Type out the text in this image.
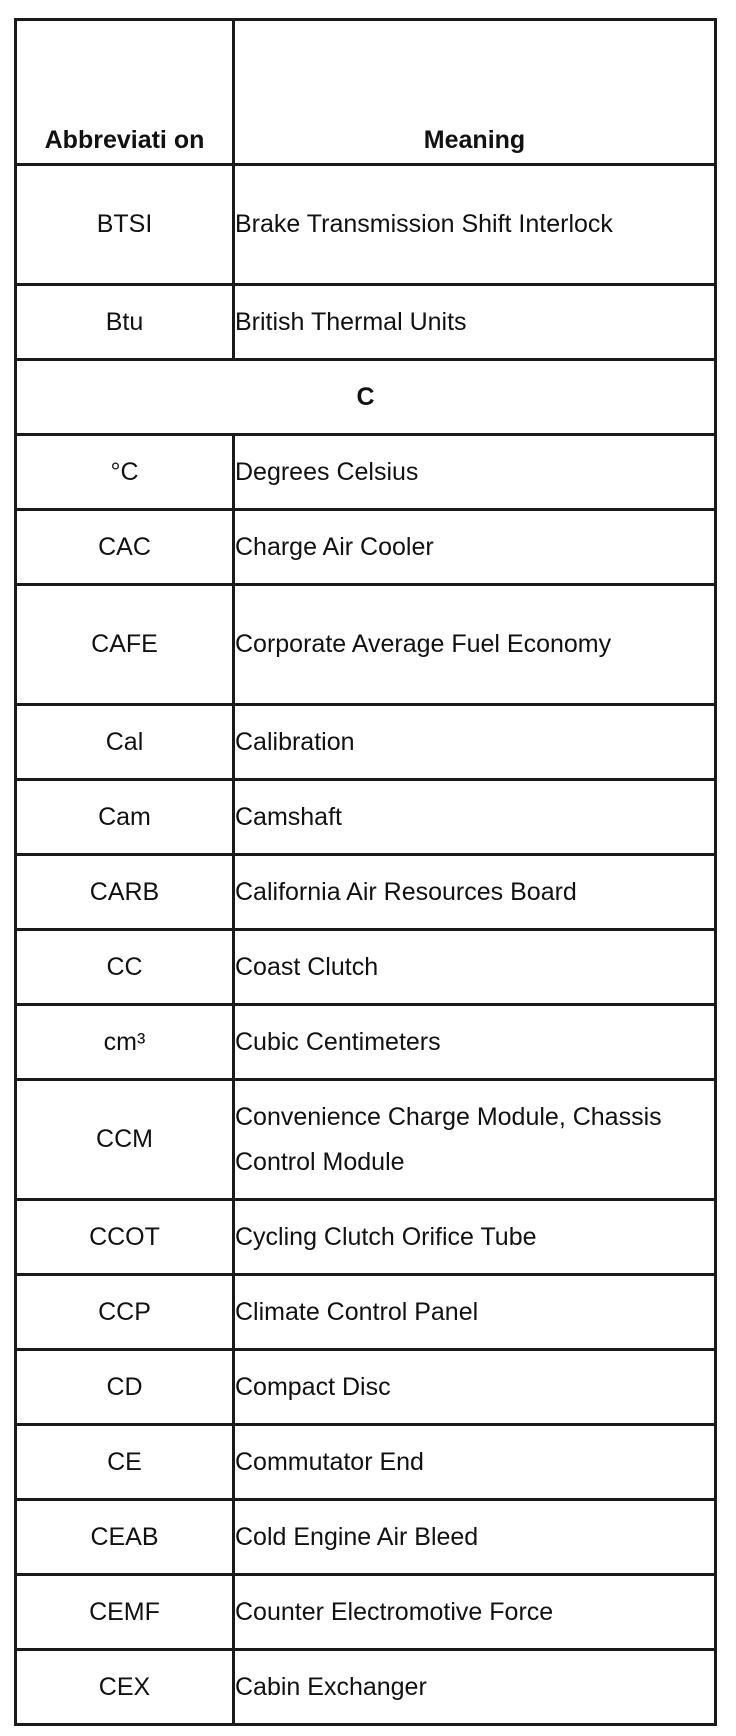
Abbreviati on	Meaning
BTSI	Brake Transmission Shift Interlock
Btu	British Thermal Units
C	
°C	Degrees Celsius
CAC	Charge Air Cooler
CAFE	Corporate Average Fuel Economy
Cal	Calibration
Cam	Camshaft
CARB	California Air Resources Board
CC	Coast Clutch
cm³	Cubic Centimeters
CCM	Convenience Charge Module, Chassis Control Module
CCOT	Cycling Clutch Orifice Tube
CCP	Climate Control Panel
CD	Compact Disc
CE	Commutator End
CEAB	Cold Engine Air Bleed
CEMF	Counter Electromotive Force
CEX	Cabin Exchanger
